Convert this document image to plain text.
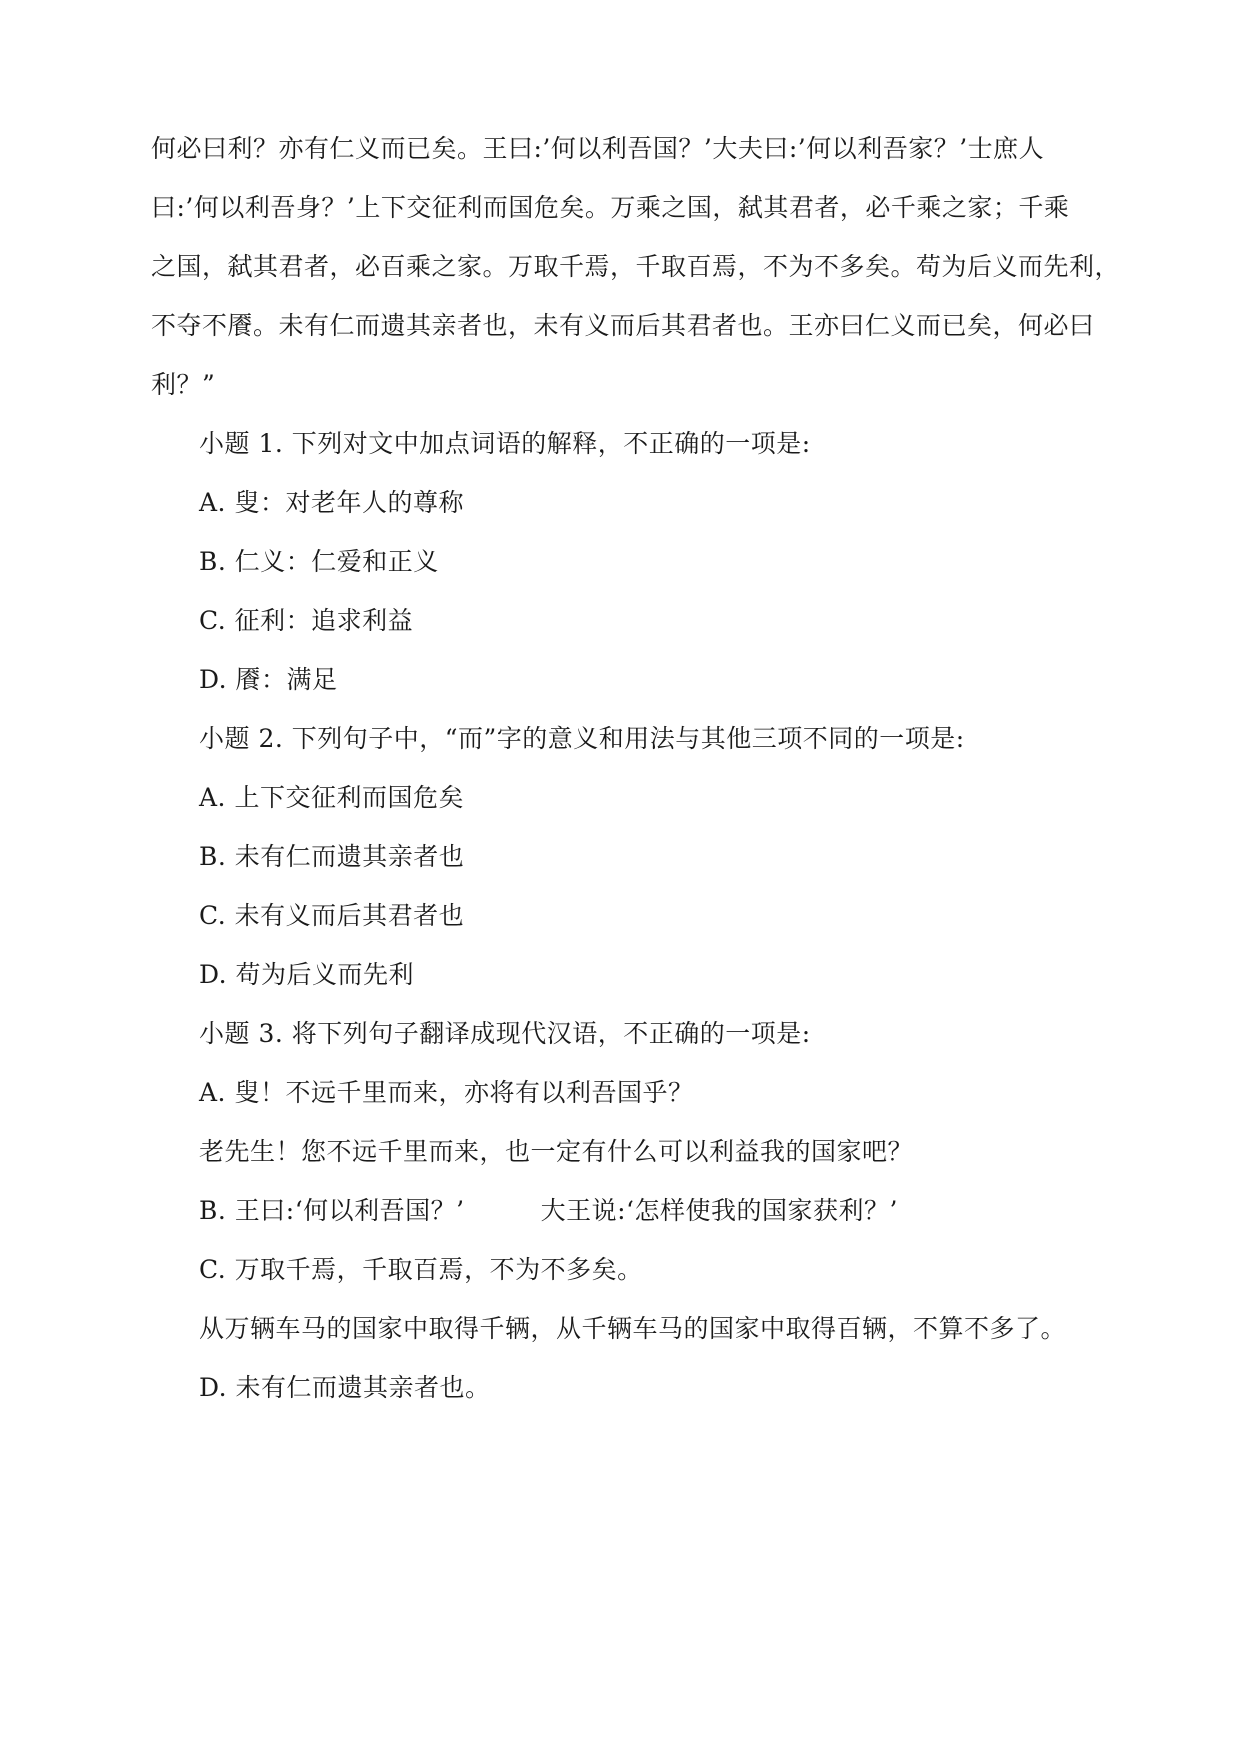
何必曰利？亦有仁义而已矣。王曰:’何以利吾国？’大夫曰:’何以利吾家？’士庶人
曰:’何以利吾身？’上下交征利而国危矣。万乘之国，弑其君者，必千乘之家；千乘
之国，弑其君者，必百乘之家。万取千焉，千取百焉，不为不多矣。苟为后义而先利，
不夺不餍。未有仁而遗其亲者也，未有义而后其君者也。王亦曰仁义而已矣，何必曰
利？”
小题 1. 下列对文中加点词语的解释，不正确的一项是:
A. 叟：对老年人的尊称
B. 仁义：仁爱和正义
C. 征利：追求利益
D. 餍：满足
小题 2. 下列句子中，“而”字的意义和用法与其他三项不同的一项是:
A. 上下交征利而国危矣
B. 未有仁而遗其亲者也
C. 未有义而后其君者也
D. 苟为后义而先利
小题 3. 将下列句子翻译成现代汉语，不正确的一项是:
A. 叟！不远千里而来，亦将有以利吾国乎？
老先生！您不远千里而来，也一定有什么可以利益我的国家吧？
B. 王曰:‘何以利吾国？’	大王说:‘怎样使我的国家获利？’
C. 万取千焉，千取百焉，不为不多矣。
从万辆车马的国家中取得千辆，从千辆车马的国家中取得百辆，不算不多了。
D. 未有仁而遗其亲者也。
